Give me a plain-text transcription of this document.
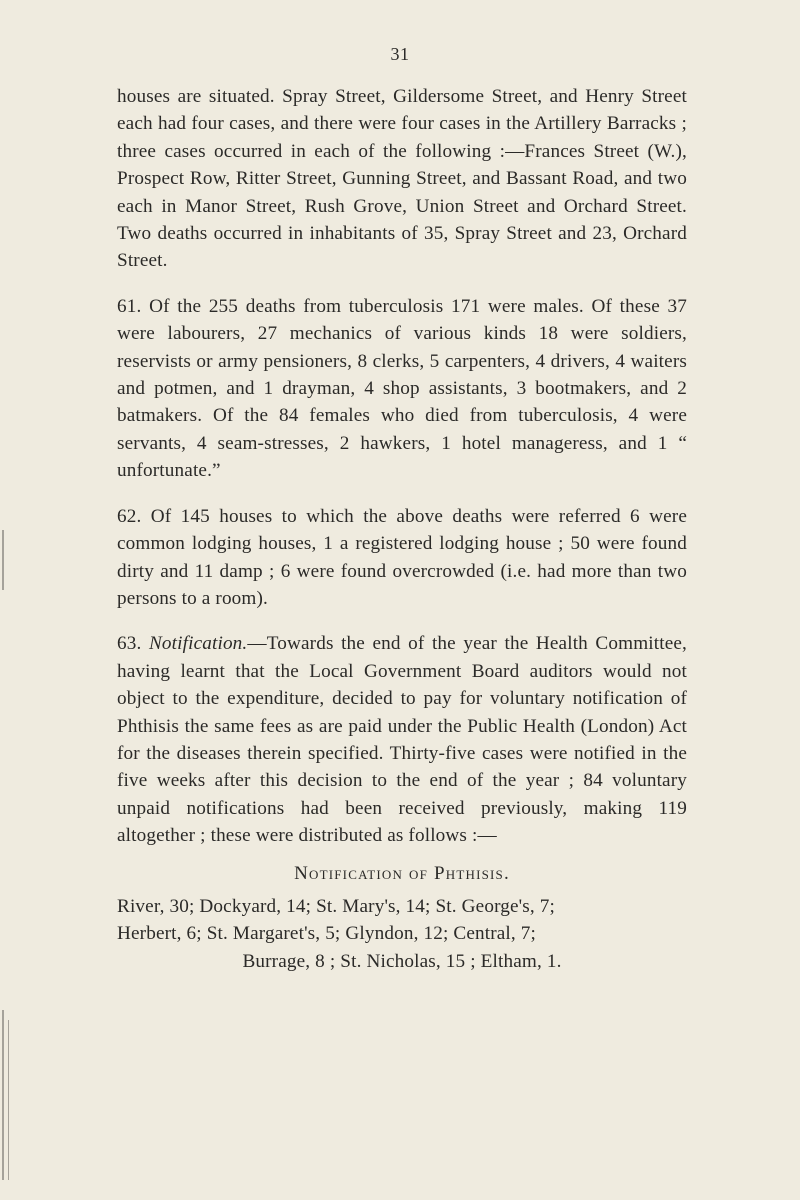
31

houses are situated. Spray Street, Gildersome Street, and Henry Street each had four cases, and there were four cases in the Artillery Barracks ; three cases occurred in each of the following :—Frances Street (W.), Prospect Row, Ritter Street, Gunning Street, and Bassant Road, and two each in Manor Street, Rush Grove, Union Street and Orchard Street. Two deaths occurred in inhabitants of 35, Spray Street and 23, Orchard Street.

61. Of the 255 deaths from tuberculosis 171 were males. Of these 37 were labourers, 27 mechanics of various kinds 18 were soldiers, reservists or army pensioners, 8 clerks, 5 carpenters, 4 drivers, 4 waiters and potmen, and 1 drayman, 4 shop assistants, 3 bootmakers, and 2 batmakers. Of the 84 females who died from tuberculosis, 4 were servants, 4 seam-stresses, 2 hawkers, 1 hotel manageress, and 1 “ unfortunate.”

62. Of 145 houses to which the above deaths were referred 6 were common lodging houses, 1 a registered lodging house ; 50 were found dirty and 11 damp ; 6 were found overcrowded (i.e. had more than two persons to a room).

63. Notification.—Towards the end of the year the Health Committee, having learnt that the Local Government Board auditors would not object to the expenditure, decided to pay for voluntary notification of Phthisis the same fees as are paid under the Public Health (London) Act for the diseases therein specified. Thirty-five cases were notified in the five weeks after this decision to the end of the year ; 84 voluntary unpaid notifications had been received previously, making 119 altogether ; these were distributed as follows :—

Notification of Phthisis.

River, 30; Dockyard, 14; St. Mary's, 14; St. George's, 7;

Herbert, 6; St. Margaret's, 5; Glyndon, 12; Central, 7;

Burrage, 8 ; St. Nicholas, 15 ; Eltham, 1.
